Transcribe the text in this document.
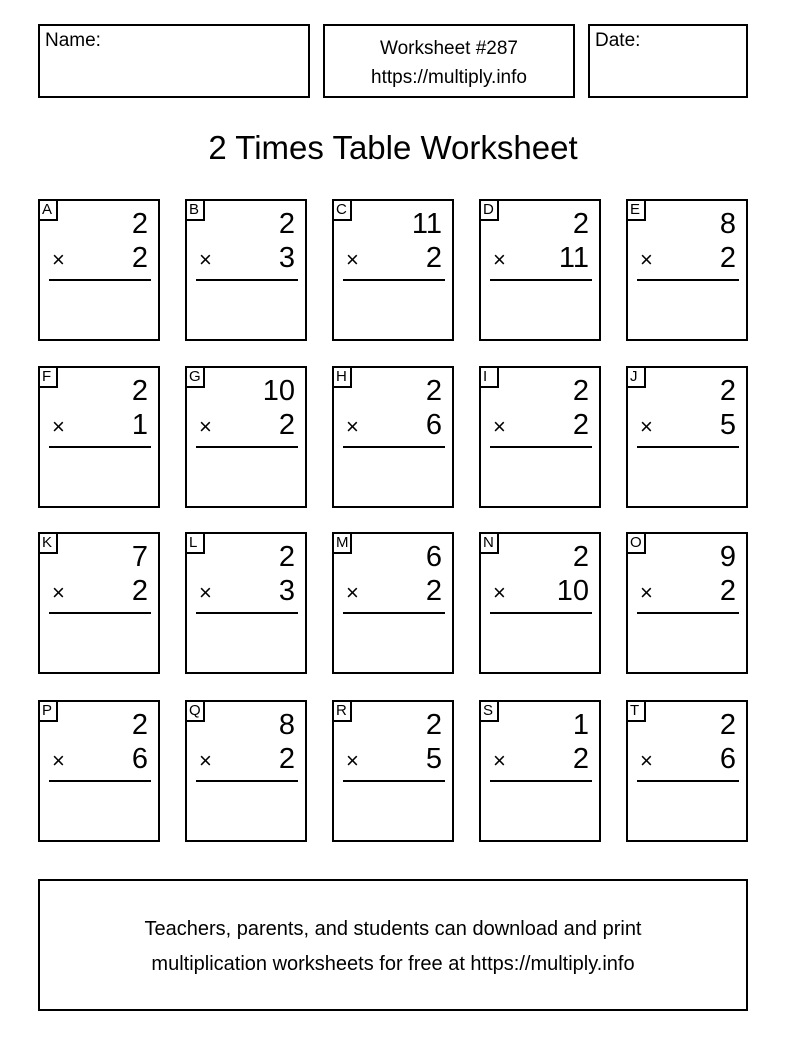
Name:	Worksheet #287
https://multiply.info
Date:
2 Times Table Worksheet
A	2
× 2
B	2
× 3
C 11
× 2
D	2
× 11
E	8
× 2
F	2
× 1
G 10
× 2
H	2
× 6
I	2
× 2
J	2
× 5
K	7
× 2
L	2
× 3
M	6
× 2
N	2
× 10
O	9
× 2
P	2
× 6
Q	8
× 2
R	2
× 5
S	1
× 2
T	2
× 6
Teachers, parents, and students can download and print
multiplication worksheets for free at https://multiply.info
